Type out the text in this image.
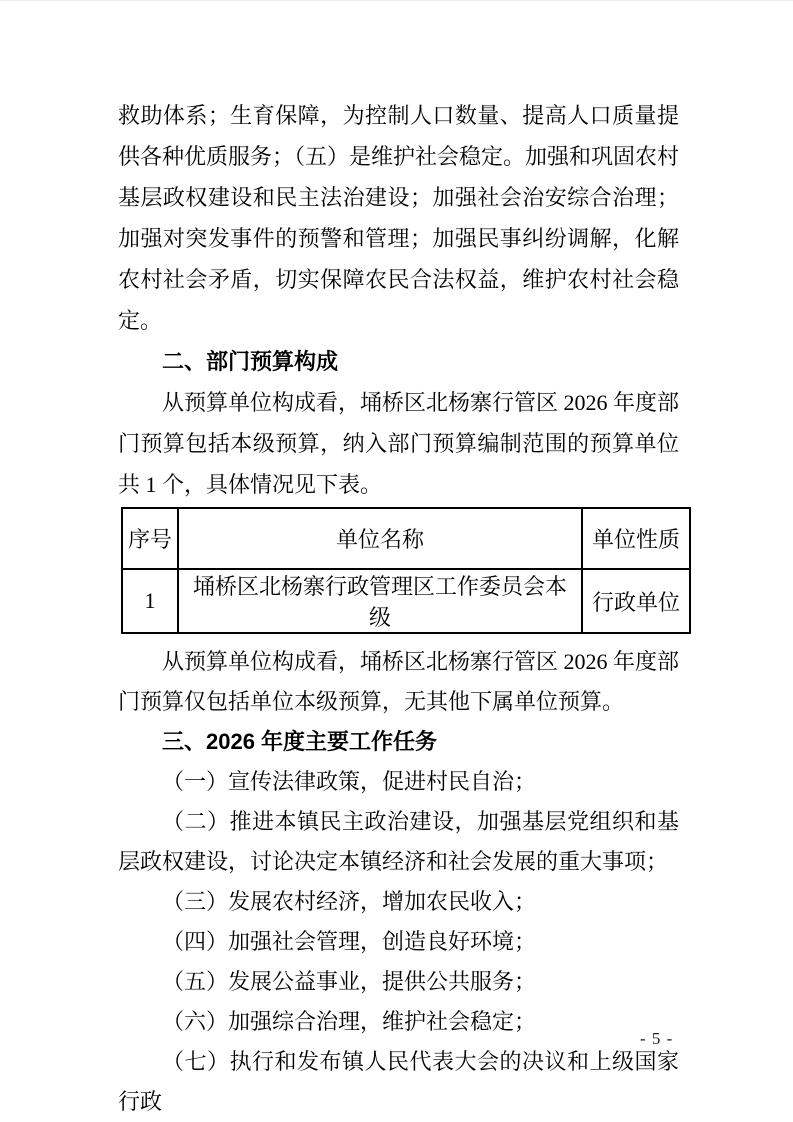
救助体系；生育保障，为控制人口数量、提高人口质量提供各种优质服务；（五）是维护社会稳定。加强和巩固农村基层政权建设和民主法治建设；加强社会治安综合治理；加强对突发事件的预警和管理；加强民事纠纷调解，化解农村社会矛盾，切实保障农民合法权益，维护农村社会稳定。

二、部门预算构成

从预算单位构成看，埇桥区北杨寨行管区 2026 年度部门预算包括本级预算，纳入部门预算编制范围的预算单位共 1 个，具体情况见下表。

序号	单位名称	单位性质
1	埇桥区北杨寨行政管理区工作委员会本级	行政单位

从预算单位构成看，埇桥区北杨寨行管区 2026 年度部门预算仅包括单位本级预算，无其他下属单位预算。

三、2026 年度主要工作任务

（一）宣传法律政策，促进村民自治；

（二）推进本镇民主政治建设，加强基层党组织和基层政权建设，讨论决定本镇经济和社会发展的重大事项；

（三）发展农村经济，增加农民收入；

（四）加强社会管理，创造良好环境；

（五）发展公益事业，提供公共服务；

（六）加强综合治理，维护社会稳定；

（七）执行和发布镇人民代表大会的决议和上级国家行政

- 5 -
